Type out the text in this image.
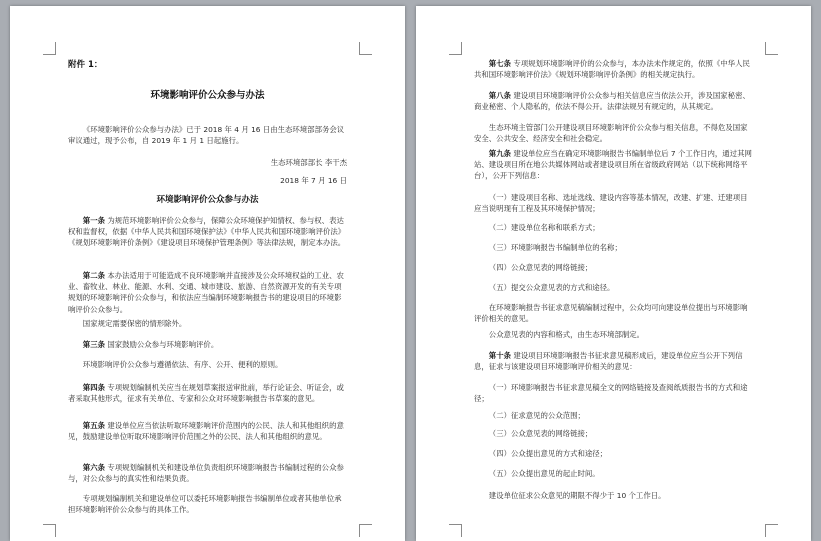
附件 1：
环境影响评价公众参与办法
《环境影响评价公众参与办法》已于 2018 年 4 月 16 日由生态环境部部务会议审议通过，现予公布，自 2019 年 1 月 1 日起施行。
生态环境部部长 李干杰
2018 年 7 月 16 日
环境影响评价公众参与办法
第一条 为规范环境影响评价公众参与，保障公众环境保护知情权、参与权、表达权和监督权，依据《中华人民共和国环境保护法》《中华人民共和国环境影响评价法》《规划环境影响评价条例》《建设项目环境保护管理条例》等法律法规，制定本办法。
第二条 本办法适用于可能造成不良环境影响并直接涉及公众环境权益的工业、农业、畜牧业、林业、能源、水利、交通、城市建设、旅游、自然资源开发的有关专项规划的环境影响评价公众参与，和依法应当编制环境影响报告书的建设项目的环境影响评价公众参与。
国家规定需要保密的情形除外。
第三条 国家鼓励公众参与环境影响评价。
环境影响评价公众参与遵循依法、有序、公开、便利的原则。
第四条 专项规划编制机关应当在规划草案报送审批前，举行论证会、听证会，或者采取其他形式，征求有关单位、专家和公众对环境影响报告书草案的意见。
第五条 建设单位应当依法听取环境影响评价范围内的公民、法人和其他组织的意见，鼓励建设单位听取环境影响评价范围之外的公民、法人和其他组织的意见。
第六条 专项规划编制机关和建设单位负责组织环境影响报告书编制过程的公众参与，对公众参与的真实性和结果负责。
专项规划编制机关和建设单位可以委托环境影响报告书编制单位或者其他单位承担环境影响评价公众参与的具体工作。
第七条 专项规划环境影响评价的公众参与，本办法未作规定的，依照《中华人民共和国环境影响评价法》《规划环境影响评价条例》的相关规定执行。
第八条 建设项目环境影响评价公众参与相关信息应当依法公开，涉及国家秘密、商业秘密、个人隐私的，依法不得公开。法律法规另有规定的，从其规定。
生态环境主管部门公开建设项目环境影响评价公众参与相关信息，不得危及国家安全、公共安全、经济安全和社会稳定。
第九条 建设单位应当在确定环境影响报告书编制单位后 7 个工作日内，通过其网站、建设项目所在地公共媒体网站或者建设项目所在省级政府网站（以下统称网络平台），公开下列信息：
（一）建设项目名称、选址选线、建设内容等基本情况，改建、扩建、迁建项目应当说明现有工程及其环境保护情况；
（二）建设单位名称和联系方式；
（三）环境影响报告书编制单位的名称；
（四）公众意见表的网络链接；
（五）提交公众意见表的方式和途径。
在环境影响报告书征求意见稿编制过程中，公众均可向建设单位提出与环境影响评价相关的意见。
公众意见表的内容和格式，由生态环境部制定。
第十条 建设项目环境影响报告书征求意见稿形成后，建设单位应当公开下列信息，征求与该建设项目环境影响评价相关的意见：
（一）环境影响报告书征求意见稿全文的网络链接及查阅纸质报告书的方式和途径；
（二）征求意见的公众范围；
（三）公众意见表的网络链接；
（四）公众提出意见的方式和途径；
（五）公众提出意见的起止时间。
建设单位征求公众意见的期限不得少于 10 个工作日。
